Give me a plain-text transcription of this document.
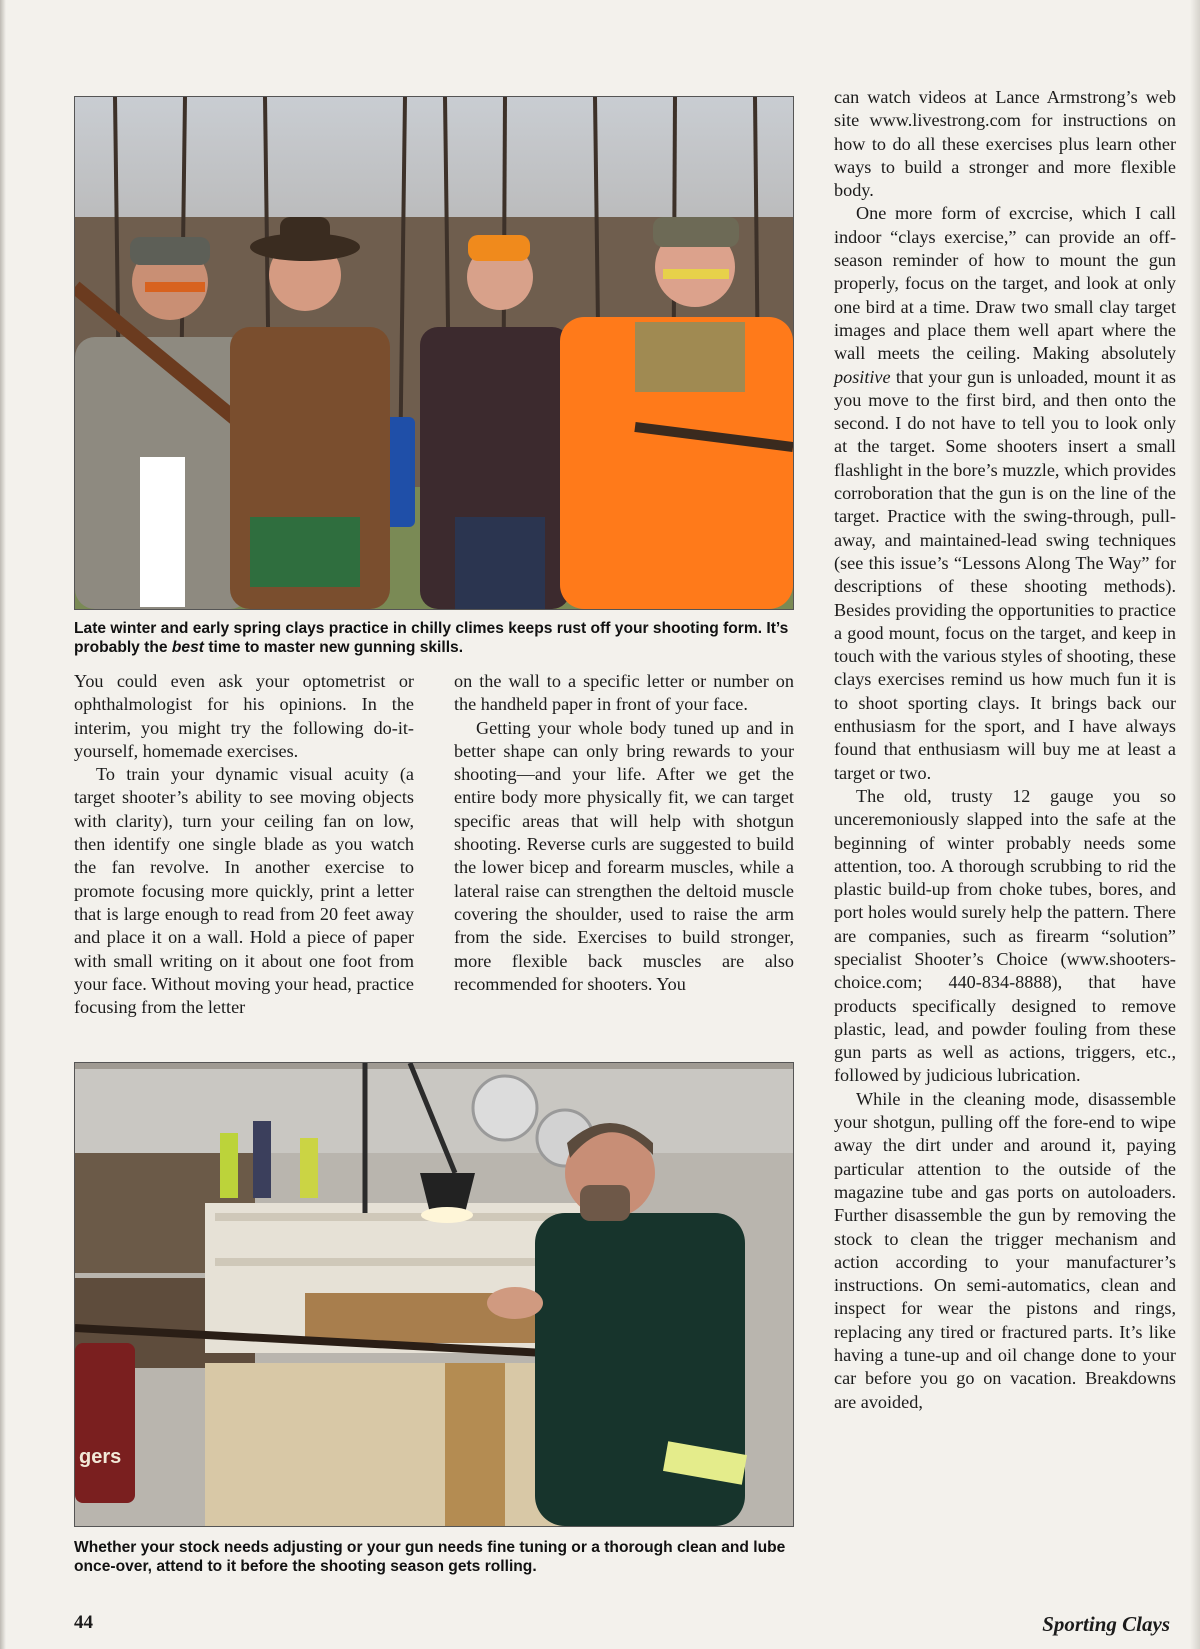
Late winter and early spring clays practice in chilly climes keeps rust off your shooting form. It’s probably the best time to master new gunning skills.

You could even ask your optometrist or ophthalmologist for his opinions. In the interim, you might try the following do-it-yourself, homemade exercises.

To train your dynamic visual acuity (a target shooter’s ability to see moving objects with clarity), turn your ceiling fan on low, then identify one single blade as you watch the fan revolve. In another exercise to promote focusing more quickly, print a letter that is large enough to read from 20 feet away and place it on a wall. Hold a piece of paper with small writing on it about one foot from your face. Without moving your head, practice focusing from the letter

on the wall to a specific letter or number on the handheld paper in front of your face.

Getting your whole body tuned up and in better shape can only bring rewards to your shooting—and your life. After we get the entire body more physically fit, we can target specific areas that will help with shotgun shooting. Reverse curls are suggested to build the lower bicep and forearm muscles, while a lateral raise can strengthen the deltoid muscle covering the shoulder, used to raise the arm from the side. Exercises to build stronger, more flexible back muscles are also recommended for shooters. You

can watch videos at Lance Armstrong’s web site www.livestrong.com for instructions on how to do all these exercises plus learn other ways to build a stronger and more flexible body.

One more form of excrcise, which I call indoor “clays exercise,” can provide an off-season reminder of how to mount the gun properly, focus on the target, and look at only one bird at a time. Draw two small clay target images and place them well apart where the wall meets the ceiling. Making absolutely positive that your gun is unloaded, mount it as you move to the first bird, and then onto the second. I do not have to tell you to look only at the target. Some shooters insert a small flashlight in the bore’s muzzle, which provides corroboration that the gun is on the line of the target. Practice with the swing-through, pull-away, and maintained-lead swing techniques (see this issue’s “Lessons Along The Way” for descriptions of these shooting methods). Besides providing the opportunities to practice a good mount, focus on the target, and keep in touch with the various styles of shooting, these clays exercises remind us how much fun it is to shoot sporting clays. It brings back our enthusiasm for the sport, and I have always found that enthusiasm will buy me at least a target or two.

The old, trusty 12 gauge you so unceremoniously slapped into the safe at the beginning of winter probably needs some attention, too. A thorough scrubbing to rid the plastic build-up from choke tubes, bores, and port holes would surely help the pattern. There are companies, such as firearm “solution” specialist Shooter’s Choice (www.shooters-choice.com; 440-834-8888), that have products specifically designed to remove plastic, lead, and powder fouling from these gun parts as well as actions, triggers, etc., followed by judicious lubrication.

While in the cleaning mode, disassemble your shotgun, pulling off the fore-end to wipe away the dirt under and around it, paying particular attention to the outside of the magazine tube and gas ports on autoloaders. Further disassemble the gun by removing the stock to clean the trigger mechanism and action according to your manufacturer’s instructions. On semi-automatics, clean and inspect for wear the pistons and rings, replacing any tired or fractured parts. It’s like having a tune-up and oil change done to your car before you go on vacation. Breakdowns are avoided,

gers
Whether your stock needs adjusting or your gun needs fine tuning or a thorough clean and lube once-over, attend to it before the shooting season gets rolling.
44	Sporting Clays
